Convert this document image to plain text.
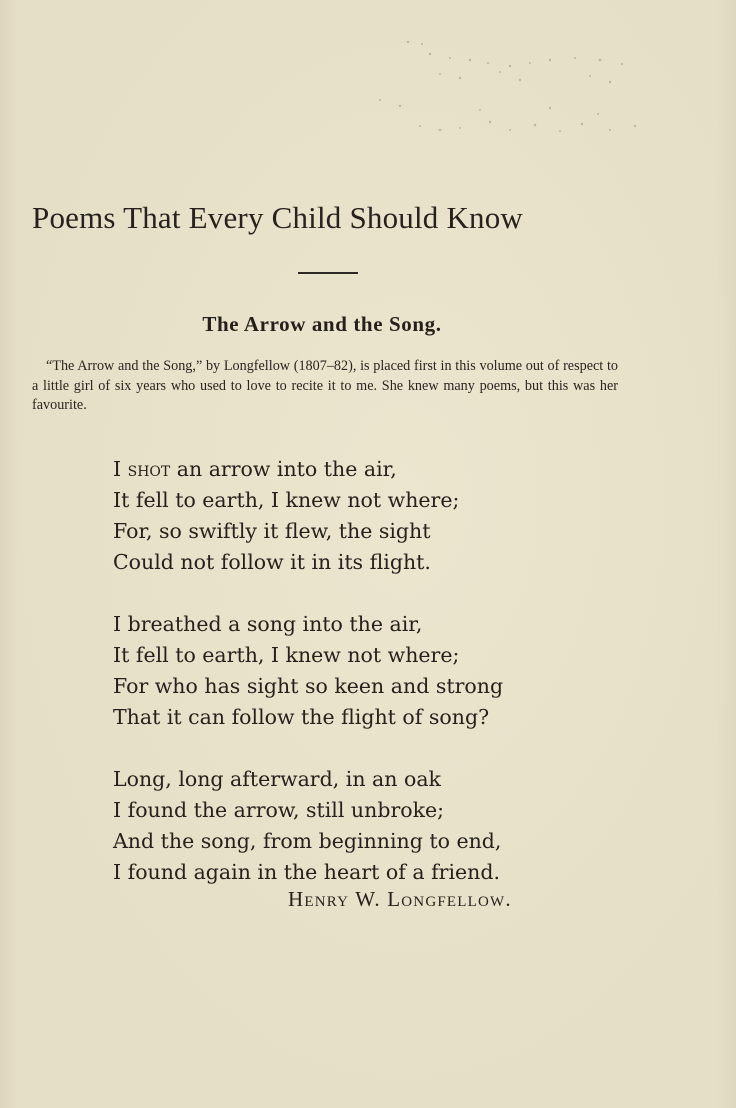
Poems That Every Child Should Know
The Arrow and the Song.
“The Arrow and the Song,” by Longfellow (1807–82), is placed first in this volume out of respect to a little girl of six years who used to love to recite it to me. She knew many poems, but this was her favourite.
I shot an arrow into the air,
It fell to earth, I knew not where;
For, so swiftly it flew, the sight
Could not follow it in its flight.
I breathed a song into the air,
It fell to earth, I knew not where;
For who has sight so keen and strong
That it can follow the flight of song?
Long, long afterward, in an oak
I found the arrow, still unbroke;
And the song, from beginning to end,
I found again in the heart of a friend.
Henry W. Longfellow.
